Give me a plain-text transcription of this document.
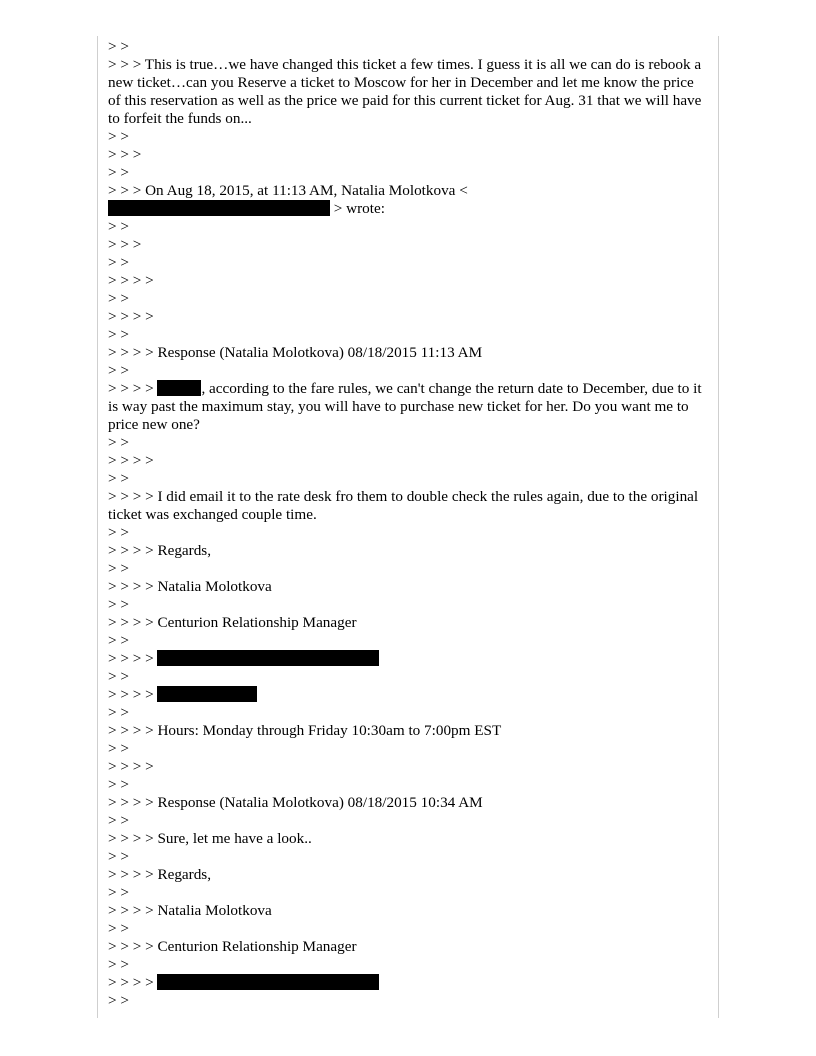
> >

> > > This is true…we have changed this ticket a few times. I guess it is all we can do is rebook a new ticket…can you Reserve a ticket to Moscow for her in December and let me know the price of this reservation as well as the price we paid for this current ticket for Aug. 31 that we will have to forfeit the funds on...

> >

> > >

> >

> > > On Aug 18, 2015, at 11:13 AM, Natalia Molotkova <

> wrote:

> >

> > >

> >

> > > >

> >

> > > >

> >

> > > > Response (Natalia Molotkova) 08/18/2015 11:13 AM

> >

> > > >	, according to the fare rules, we can't change the return date to December, due to it is way past the maximum stay, you will have to purchase new ticket for her. Do you want me to price new one?

> >

> > > >

> >

> > > > I did email it to the rate desk fro them to double check the rules again, due to the original ticket was exchanged couple time.

> >

> > > > Regards,

> >

> > > > Natalia Molotkova

> >

> > > > Centurion Relationship Manager

> >

> > > >

> >

> > > >

> >

> > > > Hours: Monday through Friday 10:30am to 7:00pm EST

> >

> > > >

> >

> > > > Response (Natalia Molotkova) 08/18/2015 10:34 AM

> >

> > > > Sure, let me have a look..

> >

> > > > Regards,

> >

> > > > Natalia Molotkova

> >

> > > > Centurion Relationship Manager

> >

> > > >

> >
